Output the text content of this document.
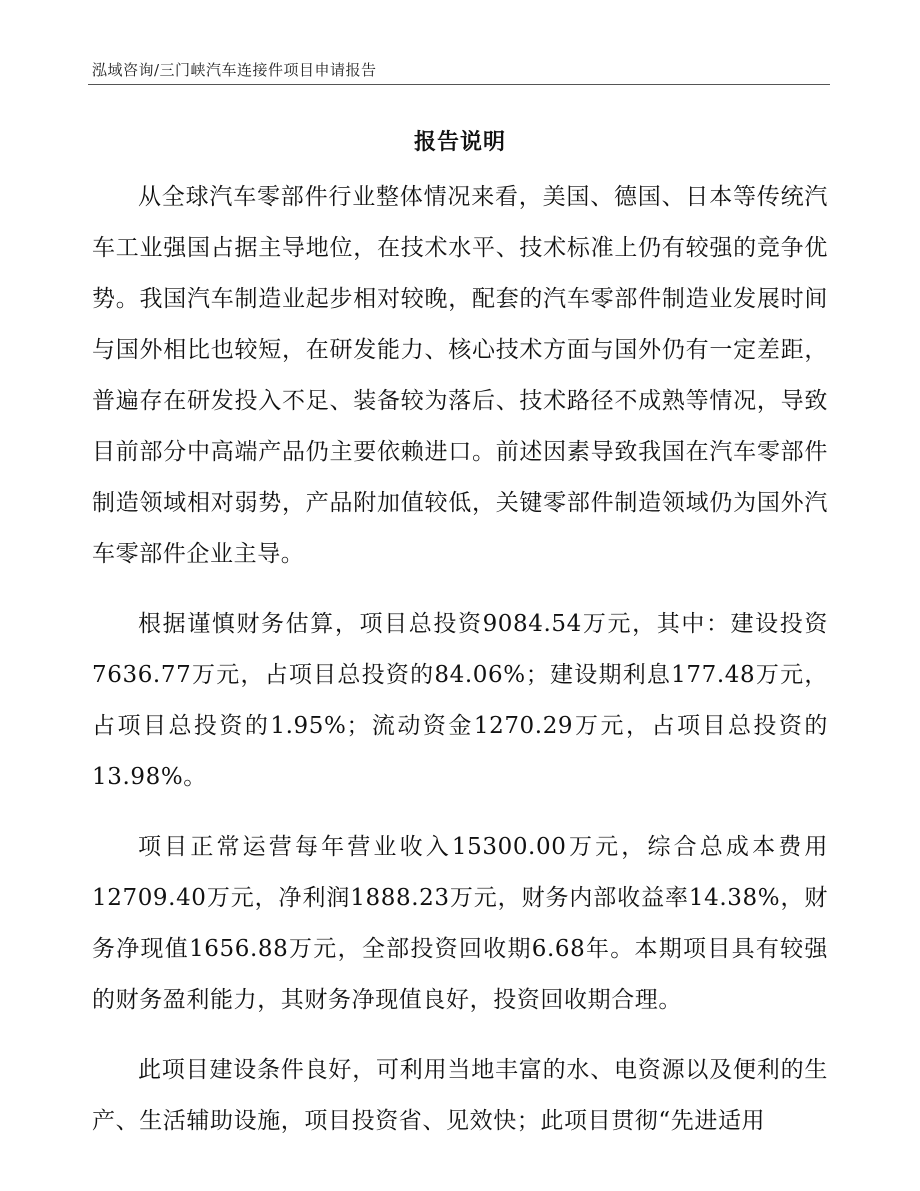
泓域咨询/三门峡汽车连接件项目申请报告
报告说明

从全球汽车零部件行业整体情况来看，美国、德国、日本等传统汽车工业强国占据主导地位，在技术水平、技术标准上仍有较强的竞争优势。我国汽车制造业起步相对较晚，配套的汽车零部件制造业发展时间与国外相比也较短，在研发能力、核心技术方面与国外仍有一定差距，普遍存在研发投入不足、装备较为落后、技术路径不成熟等情况，导致目前部分中高端产品仍主要依赖进口。前述因素导致我国在汽车零部件制造领域相对弱势，产品附加值较低，关键零部件制造领域仍为国外汽车零部件企业主导。

根据谨慎财务估算，项目总投资9084.54万元，其中：建设投资7636.77万元，占项目总投资的84.06%；建设期利息177.48万元，占项目总投资的1.95%；流动资金1270.29万元，占项目总投资的13.98%。

项目正常运营每年营业收入15300.00万元，综合总成本费用12709.40万元，净利润1888.23万元，财务内部收益率14.38%，财务净现值1656.88万元，全部投资回收期6.68年。本期项目具有较强的财务盈利能力，其财务净现值良好，投资回收期合理。

此项目建设条件良好，可利用当地丰富的水、电资源以及便利的生产、生活辅助设施，项目投资省、见效快；此项目贯彻“先进适用
